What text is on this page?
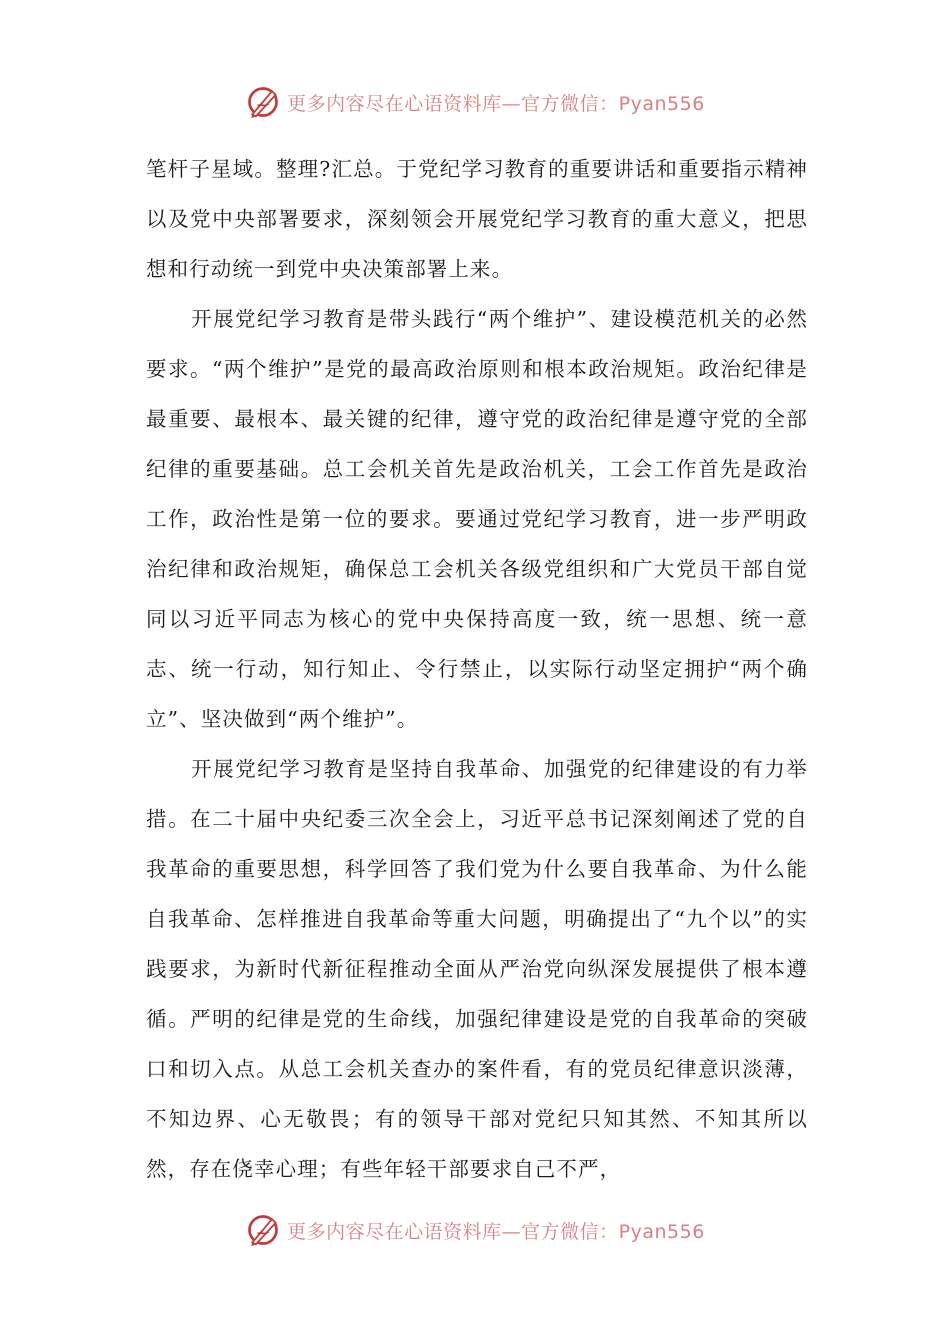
更多内容尽在心语资料库—官方微信：Pyan556

笔杆子星域。整理?汇总。于党纪学习教育的重要讲话和重要指示精神以及党中央部署要求，深刻领会开展党纪学习教育的重大意义，把思想和行动统一到党中央决策部署上来。

开展党纪学习教育是带头践行“两个维护”、建设模范机关的必然要求。“两个维护”是党的最高政治原则和根本政治规矩。政治纪律是最重要、最根本、最关键的纪律，遵守党的政治纪律是遵守党的全部纪律的重要基础。总工会机关首先是政治机关，工会工作首先是政治工作，政治性是第一位的要求。要通过党纪学习教育，进一步严明政治纪律和政治规矩，确保总工会机关各级党组织和广大党员干部自觉同以习近平同志为核心的党中央保持高度一致，统一思想、统一意志、统一行动，知行知止、令行禁止，以实际行动坚定拥护“两个确立”、坚决做到“两个维护”。

开展党纪学习教育是坚持自我革命、加强党的纪律建设的有力举措。在二十届中央纪委三次全会上，习近平总书记深刻阐述了党的自我革命的重要思想，科学回答了我们党为什么要自我革命、为什么能自我革命、怎样推进自我革命等重大问题，明确提出了“九个以”的实践要求，为新时代新征程推动全面从严治党向纵深发展提供了根本遵循。严明的纪律是党的生命线，加强纪律建设是党的自我革命的突破口和切入点。从总工会机关查办的案件看，有的党员纪律意识淡薄，不知边界、心无敬畏；有的领导干部对党纪只知其然、不知其所以然，存在侥幸心理；有些年轻干部要求自己不严，

更多内容尽在心语资料库—官方微信：Pyan556
